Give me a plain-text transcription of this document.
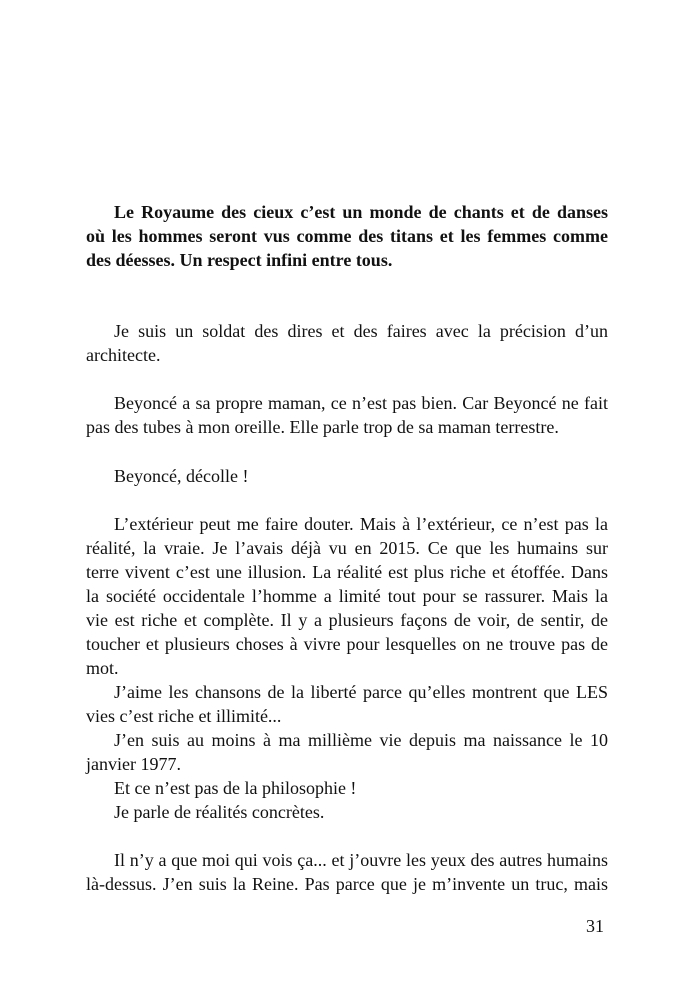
Le Royaume des cieux c’est un monde de chants et de danses
où les hommes seront vus comme des titans et les femmes comme
des déesses. Un respect infini entre tous.
Je suis un soldat des dires et des faires avec la précision d’un
architecte.
Beyoncé a sa propre maman, ce n’est pas bien. Car Beyoncé ne fait
pas des tubes à mon oreille. Elle parle trop de sa maman terrestre.
Beyoncé, décolle !
L’extérieur peut me faire douter. Mais à l’extérieur, ce n’est pas la
réalité, la vraie. Je l’avais déjà vu en 2015. Ce que les humains sur
terre vivent c’est une illusion. La réalité est plus riche et étoffée. Dans
la société occidentale l’homme a limité tout pour se rassurer. Mais la
vie est riche et complète. Il y a plusieurs façons de voir, de sentir, de
toucher et plusieurs choses à vivre pour lesquelles on ne trouve pas de
mot.
J’aime les chansons de la liberté parce qu’elles montrent que LES
vies c’est riche et illimité...
J’en suis au moins à ma millième vie depuis ma naissance le 10
janvier 1977.
Et ce n’est pas de la philosophie !
Je parle de réalités concrètes.
Il n’y a que moi qui vois ça... et j’ouvre les yeux des autres humains
là-dessus. J’en suis la Reine. Pas parce que je m’invente un truc, mais
31
